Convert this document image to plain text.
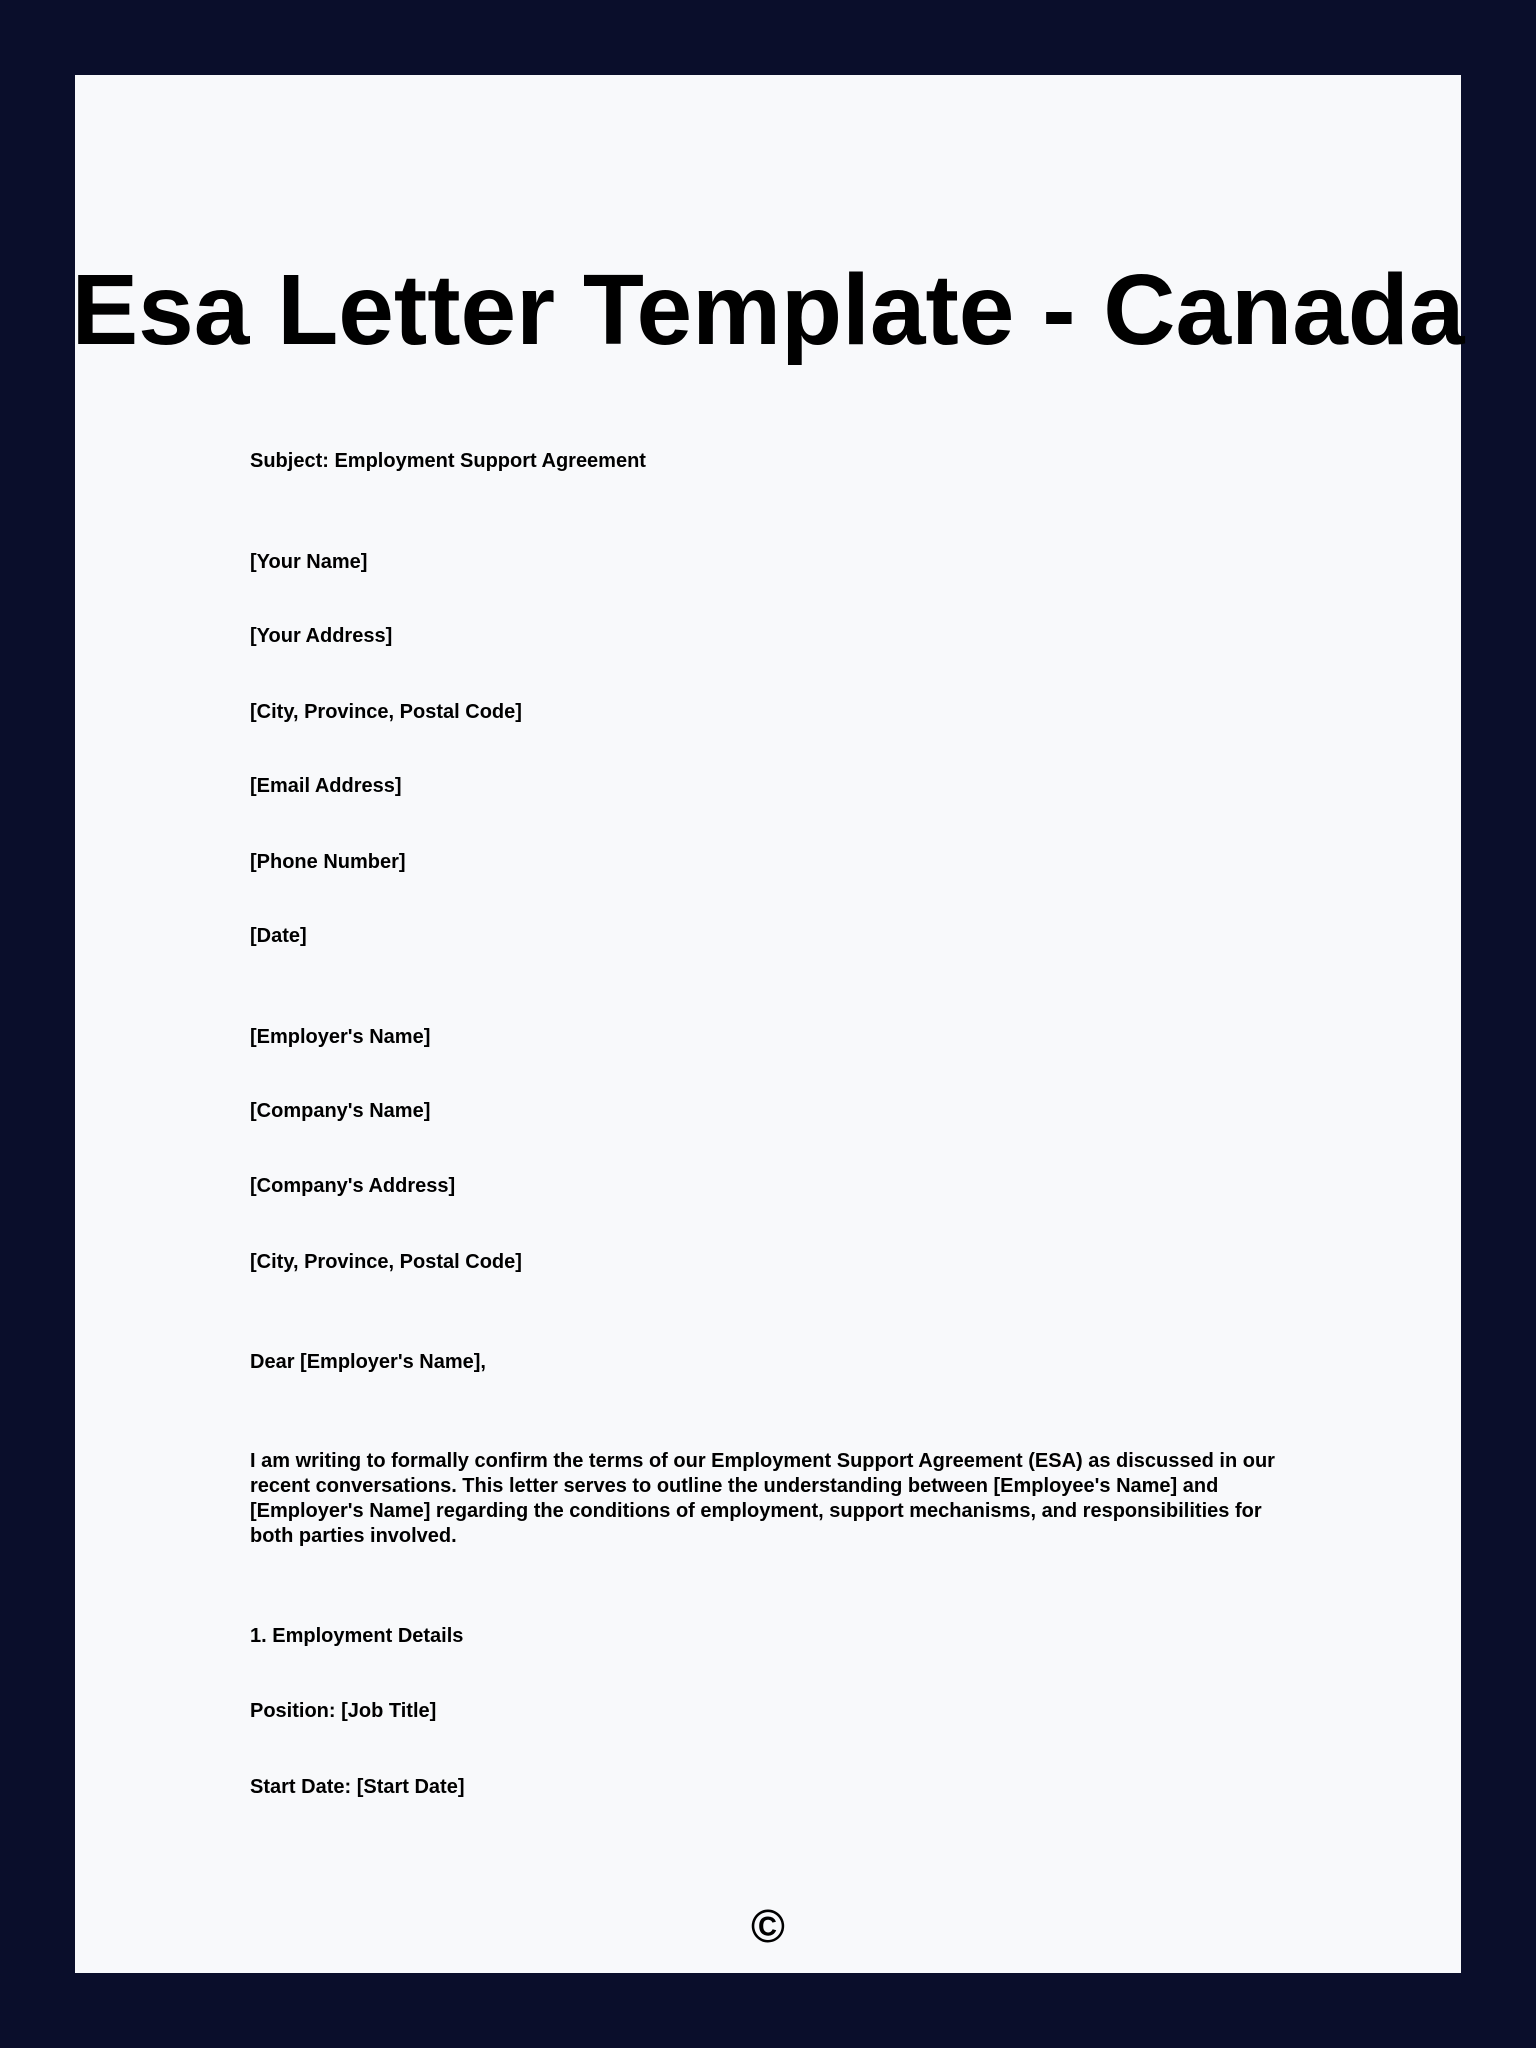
Esa Letter Template - Canada

Subject: Employment Support Agreement

[Your Name]

[Your Address]

[City, Province, Postal Code]

[Email Address]

[Phone Number]

[Date]

[Employer's Name]

[Company's Name]

[Company's Address]

[City, Province, Postal Code]

Dear [Employer's Name],

I am writing to formally confirm the terms of our Employment Support Agreement (ESA) as discussed in our recent conversations. This letter serves to outline the understanding between [Employee's Name] and [Employer's Name] regarding the conditions of employment, support mechanisms, and responsibilities for both parties involved.

1. Employment Details

Position: [Job Title]

Start Date: [Start Date]

©
